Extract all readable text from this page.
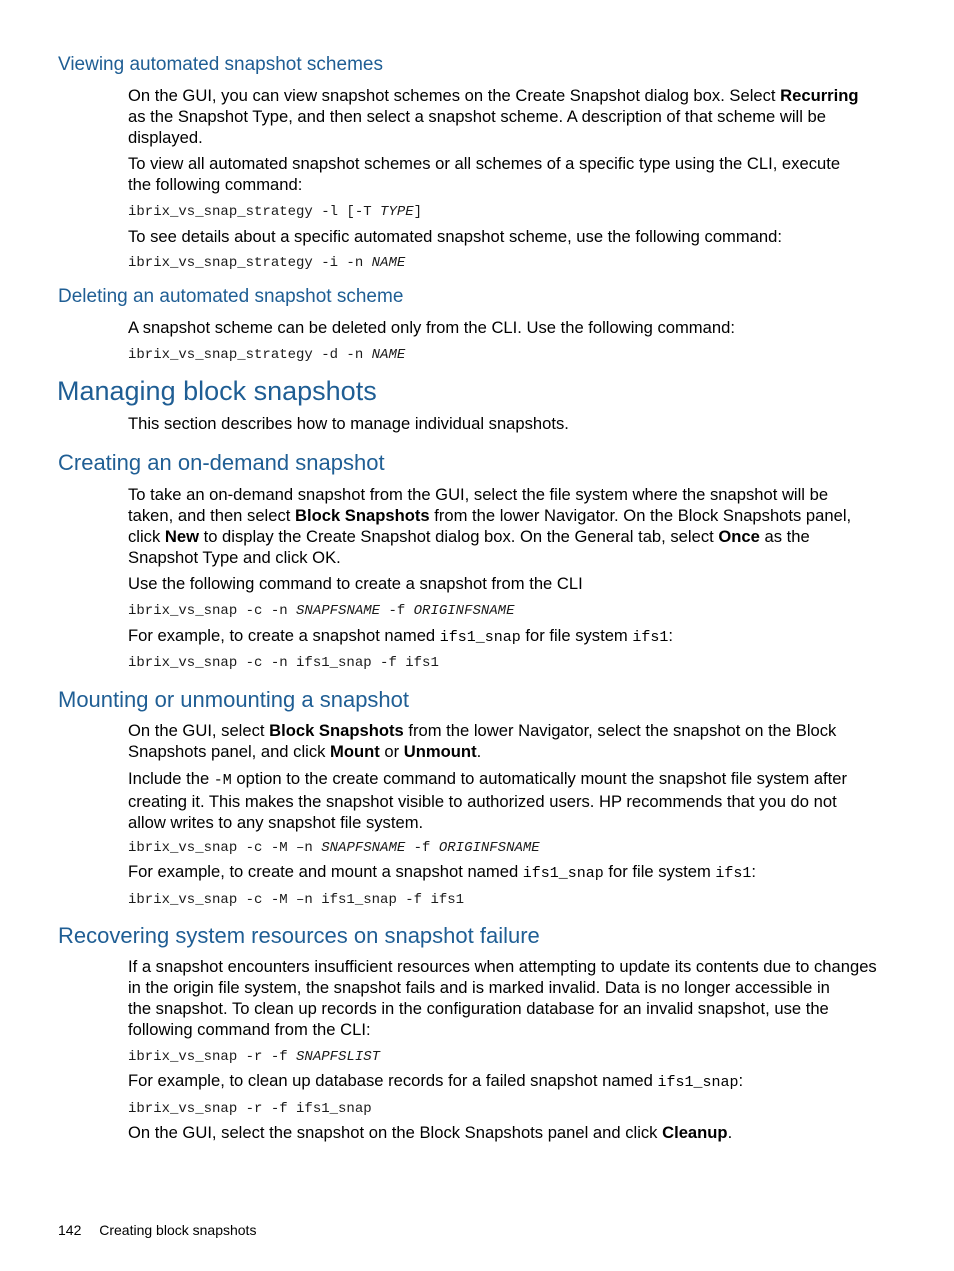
Viewing automated snapshot schemes
On the GUI, you can view snapshot schemes on the Create Snapshot dialog box. Select Recurring
as the Snapshot Type, and then select a snapshot scheme. A description of that scheme will be
displayed.
To view all automated snapshot schemes or all schemes of a specific type using the CLI, execute
the following command:
ibrix_vs_snap_strategy -l [-T TYPE]
To see details about a specific automated snapshot scheme, use the following command:
ibrix_vs_snap_strategy -i -n NAME
Deleting an automated snapshot scheme
A snapshot scheme can be deleted only from the CLI. Use the following command:
ibrix_vs_snap_strategy -d -n NAME
Managing block snapshots
This section describes how to manage individual snapshots.
Creating an on-demand snapshot
To take an on-demand snapshot from the GUI, select the file system where the snapshot will be
taken, and then select Block Snapshots from the lower Navigator. On the Block Snapshots panel,
click New to display the Create Snapshot dialog box. On the General tab, select Once as the
Snapshot Type and click OK.
Use the following command to create a snapshot from the CLI
ibrix_vs_snap -c -n SNAPFSNAME -f ORIGINFSNAME
For example, to create a snapshot named ifs1_snap for file system ifs1:
ibrix_vs_snap -c -n ifs1_snap -f ifs1
Mounting or unmounting a snapshot
On the GUI, select Block Snapshots from the lower Navigator, select the snapshot on the Block
Snapshots panel, and click Mount or Unmount.
Include the -M option to the create command to automatically mount the snapshot file system after
creating it. This makes the snapshot visible to authorized users. HP recommends that you do not
allow writes to any snapshot file system.
ibrix_vs_snap -c -M –n SNAPFSNAME -f ORIGINFSNAME
For example, to create and mount a snapshot named ifs1_snap for file system ifs1:
ibrix_vs_snap -c -M –n ifs1_snap -f ifs1
Recovering system resources on snapshot failure
If a snapshot encounters insufficient resources when attempting to update its contents due to changes
in the origin file system, the snapshot fails and is marked invalid. Data is no longer accessible in
the snapshot. To clean up records in the configuration database for an invalid snapshot, use the
following command from the CLI:
ibrix_vs_snap -r -f SNAPFSLIST
For example, to clean up database records for a failed snapshot named ifs1_snap:
ibrix_vs_snap -r -f ifs1_snap
On the GUI, select the snapshot on the Block Snapshots panel and click Cleanup.
142 Creating block snapshots
